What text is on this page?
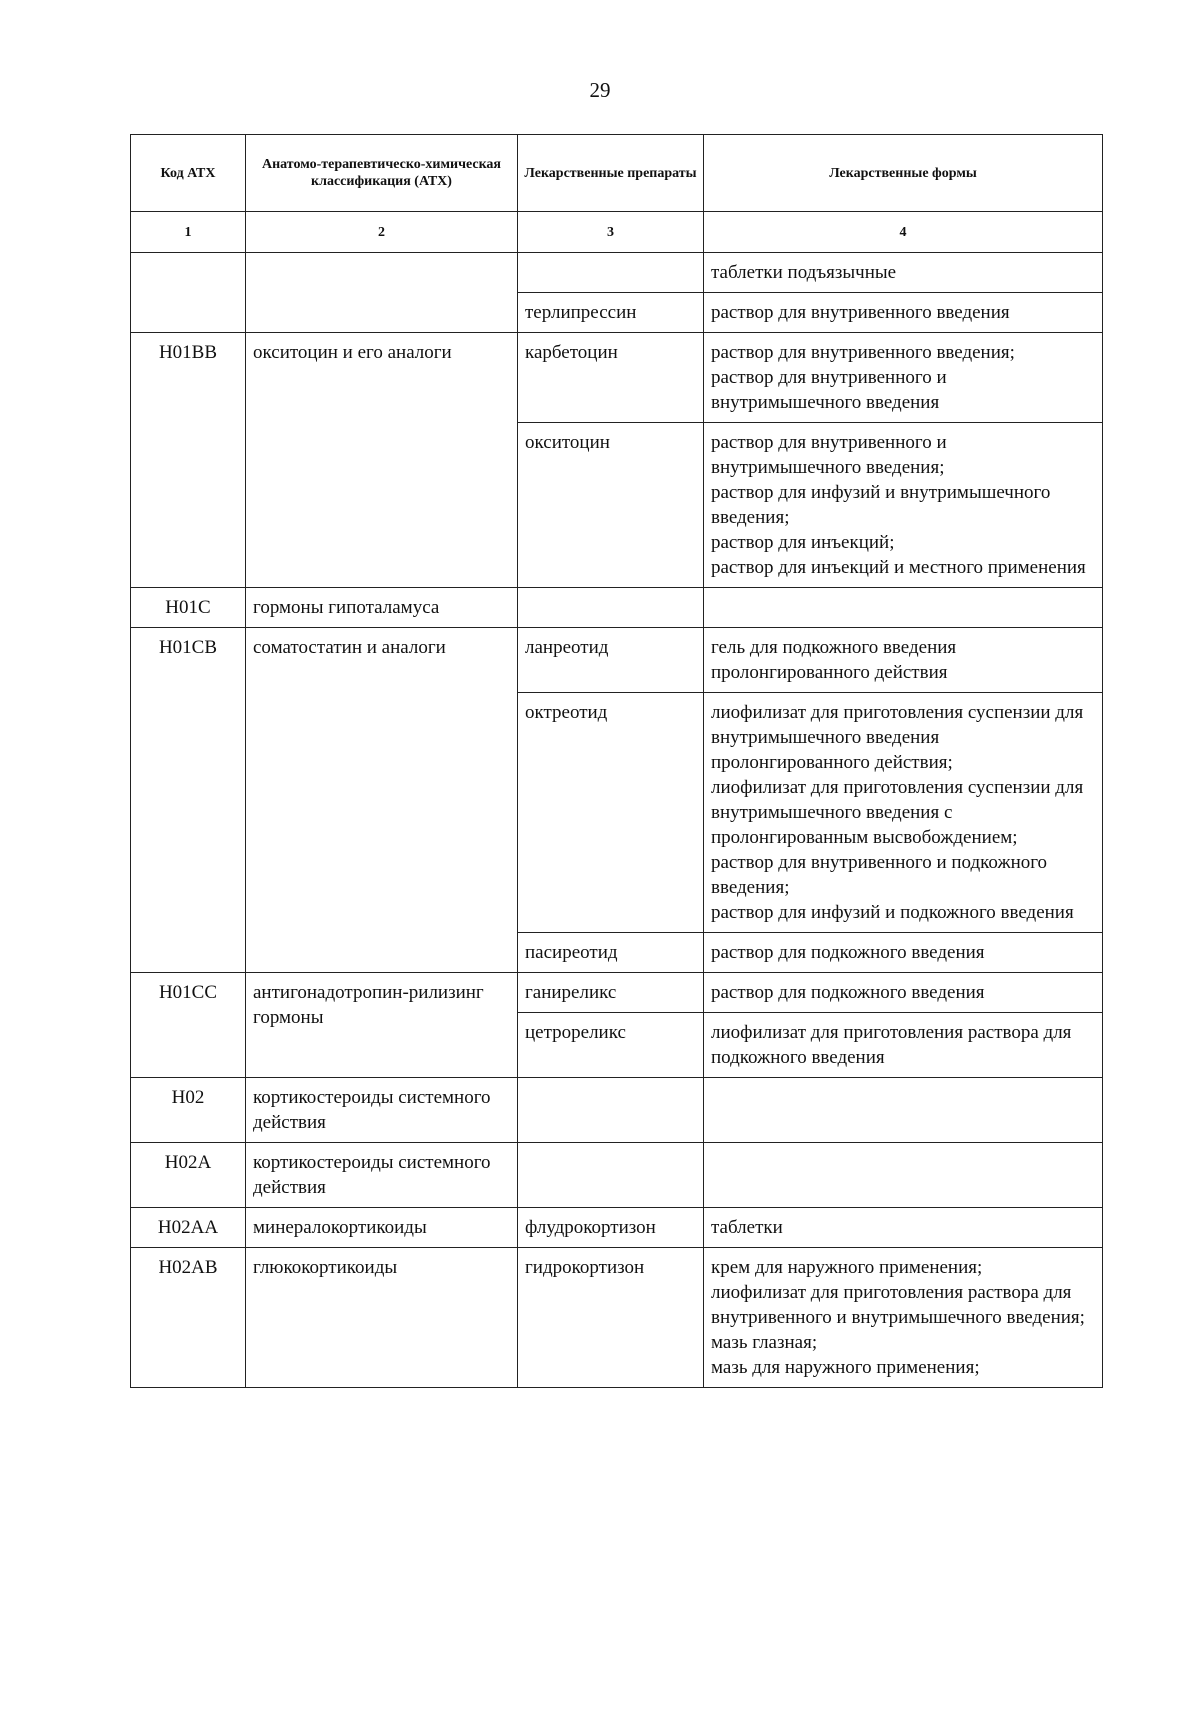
29
Код АТХ	Анатомо-терапевтическо-химическая классификация (АТХ)	Лекарственные препараты	Лекарственные формы
1	2	3	4
			таблетки подъязычные
		терлипрессин	раствор для внутривенного введения
H01BB	окситоцин и его аналоги	карбетоцин	раствор для внутривенного введения;
раствор для внутривенного и внутримышечного введения

		окситоцин	раствор для внутривенного и внутримышечного введения;
раствор для инфузий и внутримышечного введения;
раствор для инъекций;
раствор для инъекций и местного применения

H01C	гормоны гипоталамуса		
H01CB	соматостатин и аналоги	ланреотид	гель для подкожного введения пролонгированного действия
		октреотид	лиофилизат для приготовления суспензии для внутримышечного введения пролонгированного действия;
лиофилизат для приготовления суспензии для внутримышечного введения с пролонгированным высвобождением;
раствор для внутривенного и подкожного введения;
раствор для инфузий и подкожного введения

		пасиреотид	раствор для подкожного введения
H01CC	антигонадотропин-рилизинг гормоны	ганиреликс	раствор для подкожного введения
		цетрореликс	лиофилизат для приготовления раствора для подкожного введения
H02	кортикостероиды системного действия		
H02A	кортикостероиды системного действия		
H02AA	минералокортикоиды	флудрокортизон	таблетки
H02AB	глюкокортикоиды	гидрокортизон	крем для наружного применения;
лиофилизат для приготовления раствора для внутривенного и внутримышечного введения;
мазь глазная;
мазь для наружного применения;
